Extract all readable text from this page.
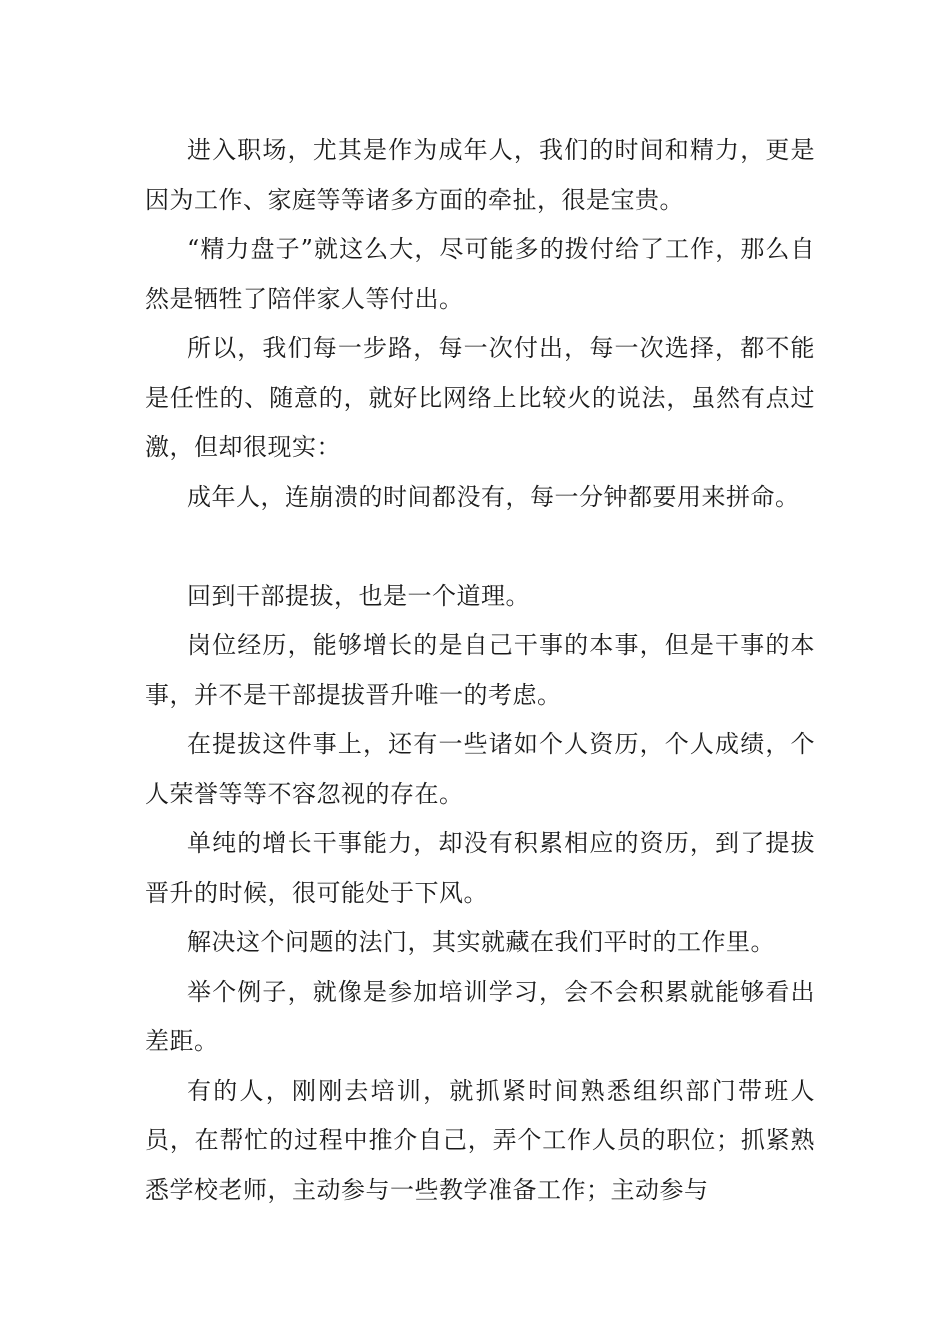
进入职场，尤其是作为成年人，我们的时间和精力，更是因为工作、家庭等等诸多方面的牵扯，很是宝贵。

“精力盘子”就这么大，尽可能多的拨付给了工作，那么自然是牺牲了陪伴家人等付出。

所以，我们每一步路，每一次付出，每一次选择，都不能是任性的、随意的，就好比网络上比较火的说法，虽然有点过激，但却很现实：

成年人，连崩溃的时间都没有，每一分钟都要用来拼命。

回到干部提拔，也是一个道理。

岗位经历，能够增长的是自己干事的本事，但是干事的本事，并不是干部提拔晋升唯一的考虑。

在提拔这件事上，还有一些诸如个人资历，个人成绩，个人荣誉等等不容忽视的存在。

单纯的增长干事能力，却没有积累相应的资历，到了提拔晋升的时候，很可能处于下风。

解决这个问题的法门，其实就藏在我们平时的工作里。

举个例子，就像是参加培训学习，会不会积累就能够看出差距。

有的人，刚刚去培训，就抓紧时间熟悉组织部门带班人员，在帮忙的过程中推介自己，弄个工作人员的职位；抓紧熟悉学校老师，主动参与一些教学准备工作；主动参与
